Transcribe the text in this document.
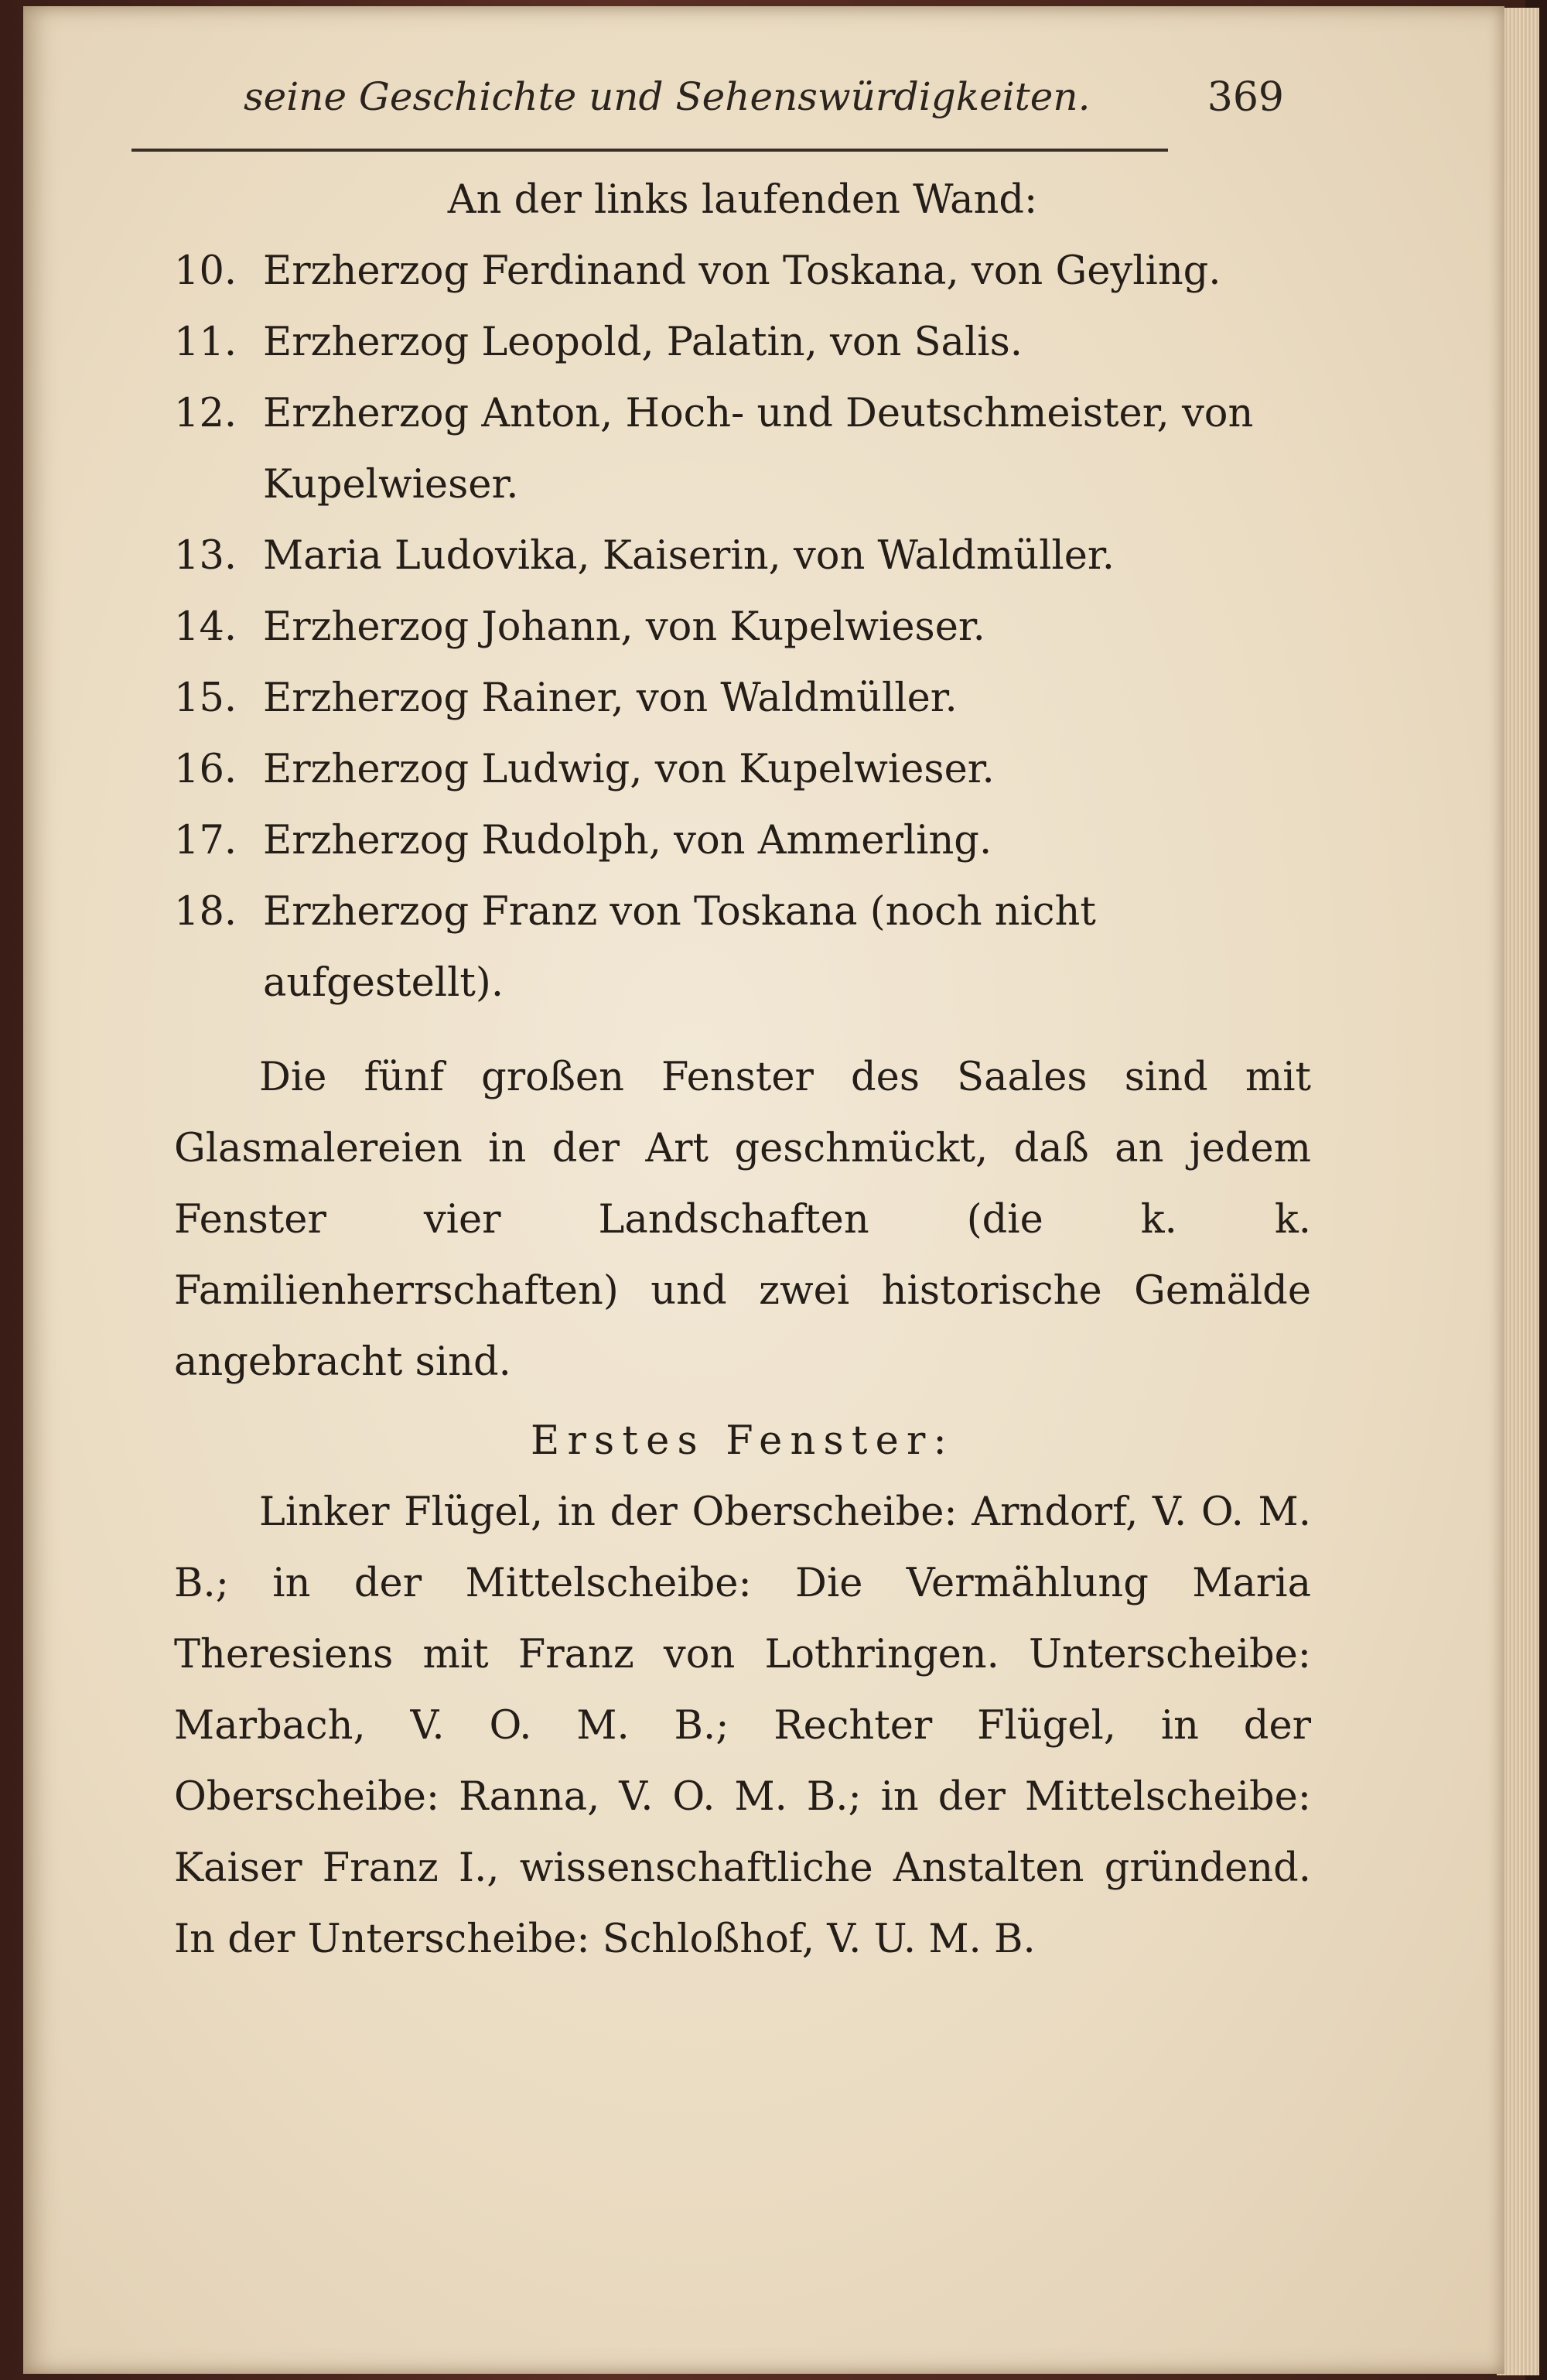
seine Geschichte und Sehenswürdigkeiten.	369
An der links laufenden Wand:
10. Erzherzog Ferdinand von Toskana, von Geyling.
11. Erzherzog Leopold, Palatin, von Salis.
12. Erzherzog Anton, Hoch- und Deutschmeister, von Kupelwieser.
13. Maria Ludovika, Kaiserin, von Waldmüller.
14. Erzherzog Johann, von Kupelwieser.
15. Erzherzog Rainer, von Waldmüller.
16. Erzherzog Ludwig, von Kupelwieser.
17. Erzherzog Rudolph, von Ammerling.
18. Erzherzog Franz von Toskana (noch nicht aufgestellt).
Die fünf großen Fenster des Saales sind mit Glasmalereien in der Art geschmückt, daß an jedem Fenster vier Landschaften (die k. k. Familienherrschaften) und zwei historische Gemälde angebracht sind.
Erstes Fenster:
Linker Flügel, in der Oberscheibe: Arndorf, V. O. M. B.; in der Mittelscheibe: Die Vermählung Maria Theresiens mit Franz von Lothringen. Unterscheibe: Marbach, V. O. M. B.; Rechter Flügel, in der Oberscheibe: Ranna, V. O. M. B.; in der Mittelscheibe: Kaiser Franz I., wissenschaftliche Anstalten gründend. In der Unterscheibe: Schloßhof, V. U. M. B.
